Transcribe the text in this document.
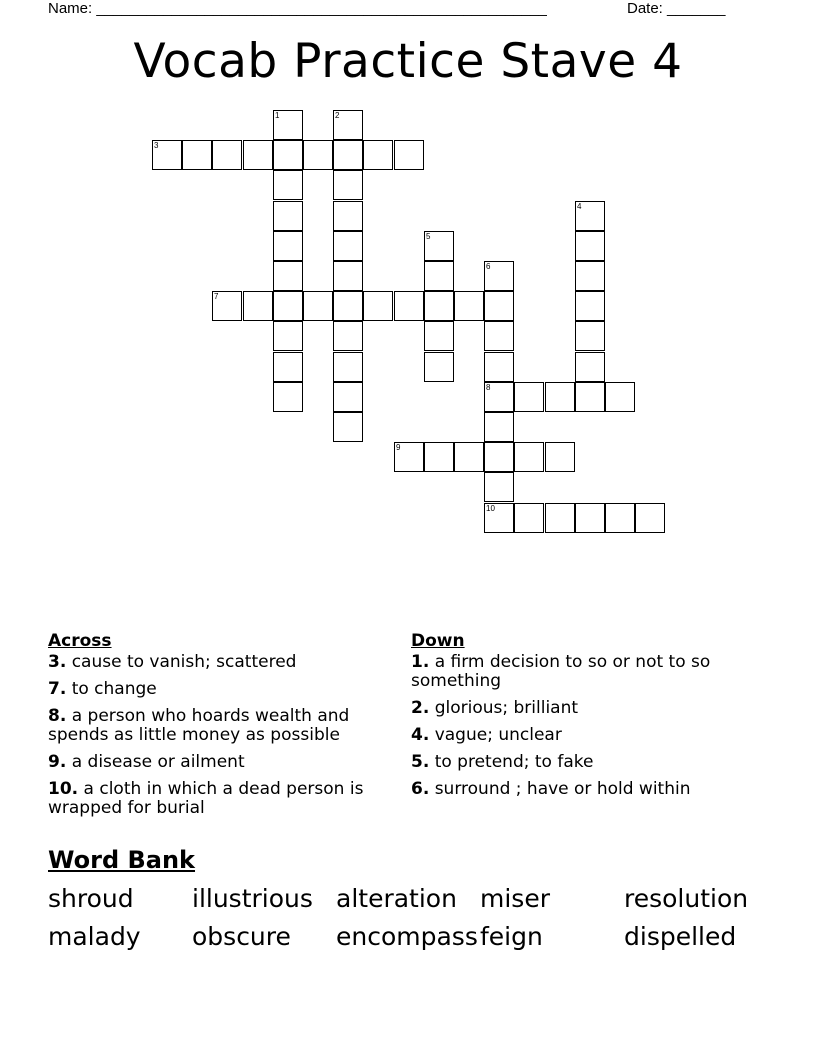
Name: ______________________________________________________	Date: _______
Vocab Practice Stave 4
1	2
3
4
5
6
8
10
7
9
Across
3. cause to vanish; scattered
7. to change
8. a person who hoards wealth and spends as little money as possible
9. a disease or ailment
10. a cloth in which a dead person is wrapped for burial
Down
1. a firm decision to so or not to so something
2. glorious; brilliant
4. vague; unclear
5. to pretend; to fake
6. surround ; have or hold within
Word Bank
shroud illustrious alteration miser	resolution
malady obscure encompass feign	dispelled
